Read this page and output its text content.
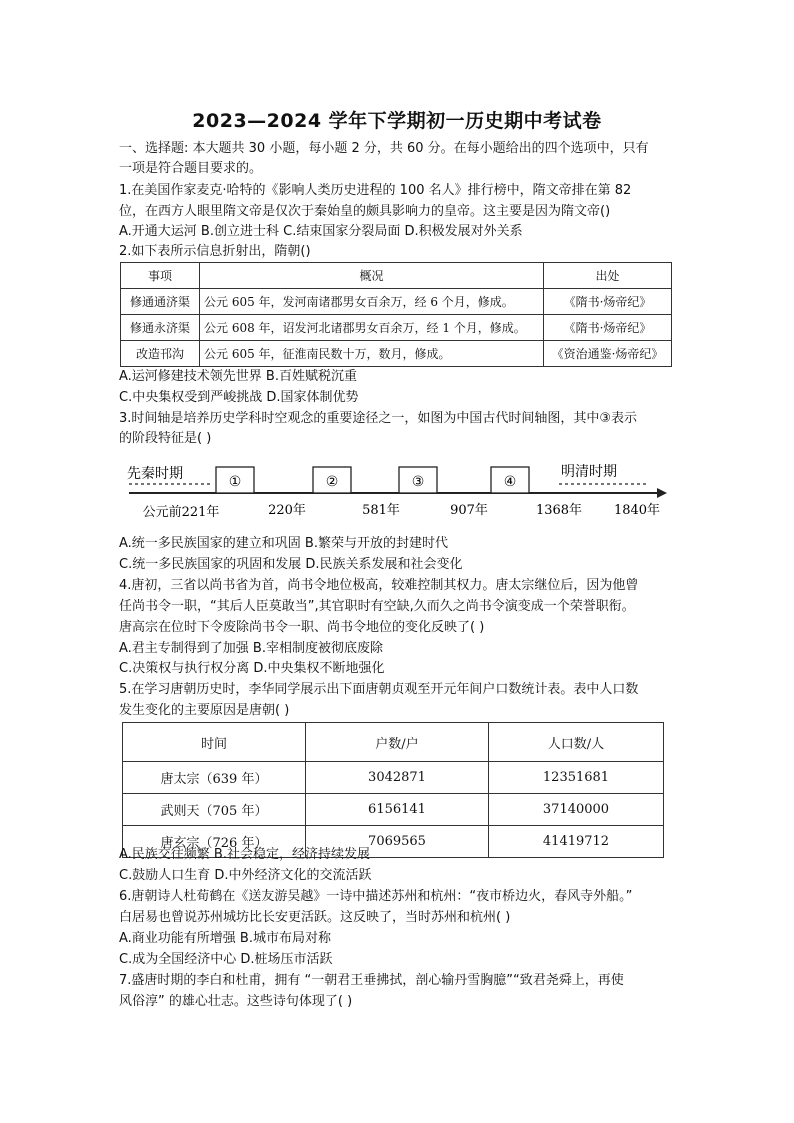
2023—2024 学年下学期初一历史期中考试卷
一、选择题: 本大题共 30 小题，每小题 2 分，共 60 分。在每小题给出的四个选项中，只有
一项是符合题目要求的。
1.在美国作家麦克·哈特的《影响人类历史进程的 100 名人》排行榜中，隋文帝排在第 82
位，在西方人眼里隋文帝是仅次于秦始皇的颇具影响力的皇帝。这主要是因为隋文帝()
A.开通大运河 B.创立进士科 C.结束国家分裂局面 D.积极发展对外关系
2.如下表所示信息折射出，隋朝()
事项	概况	出处
修通通济渠	公元 605 年，发河南诸郡男女百余万，经 6 个月，修成。	《隋书·炀帝纪》
修通永济渠	公元 608 年，诏发河北诸郡男女百余万，经 1 个月，修成。	《隋书·炀帝纪》
改造邗沟	公元 605 年，征淮南民数十万，数月，修成。	《资治通鉴·炀帝纪》
A.运河修建技术领先世界 B.百姓赋税沉重
C.中央集权受到严峻挑战 D.国家体制优势
3.时间轴是培养历史学科时空观念的重要途径之一，如图为中国古代时间轴图，其中③表示
的阶段特征是( )
先秦时期	明清时期
①	②	③	④
公元前221年	220年	581年	907年	1368年 1840年
A.统一多民族国家的建立和巩固 B.繁荣与开放的封建时代
C.统一多民族国家的巩固和发展 D.民族关系发展和社会变化
4.唐初，三省以尚书省为首，尚书令地位极高，较难控制其权力。唐太宗继位后，因为他曾
任尚书令一职，“其后人臣莫敢当”,其官职时有空缺,久而久之尚书令演变成一个荣誉职衔。
唐高宗在位时下令废除尚书令一职、尚书令地位的变化反映了( )
A.君主专制得到了加强 B.宰相制度被彻底废除
C.决策权与执行权分离 D.中央集权不断地强化
5.在学习唐朝历史时，李华同学展示出下面唐朝贞观至开元年间户口数统计表。表中人口数
发生变化的主要原因是唐朝( )
时间	户数/户	人口数/人
唐太宗（639 年）	3042871	12351681
武则天（705 年）	6156141	37140000
唐玄宗（726 年）	7069565	41419712
A.民族交往频繁 B.社会稳定，经济持续发展
C.鼓励人口生育 D.中外经济文化的交流活跃
6.唐朝诗人杜荀鹤在《送友游吴越》一诗中描述苏州和杭州：“夜市桥边火，春风寺外船。”
白居易也曾说苏州城坊比长安更活跃。这反映了，当时苏州和杭州( )
A.商业功能有所增强 B.城市布局对称
C.成为全国经济中心 D.桩场压市活跃
7.盛唐时期的李白和杜甫，拥有 “一朝君王垂拂拭，剖心输丹雪胸臆”“致君尧舜上，再使
风俗淳” 的雄心壮志。这些诗句体现了( )
